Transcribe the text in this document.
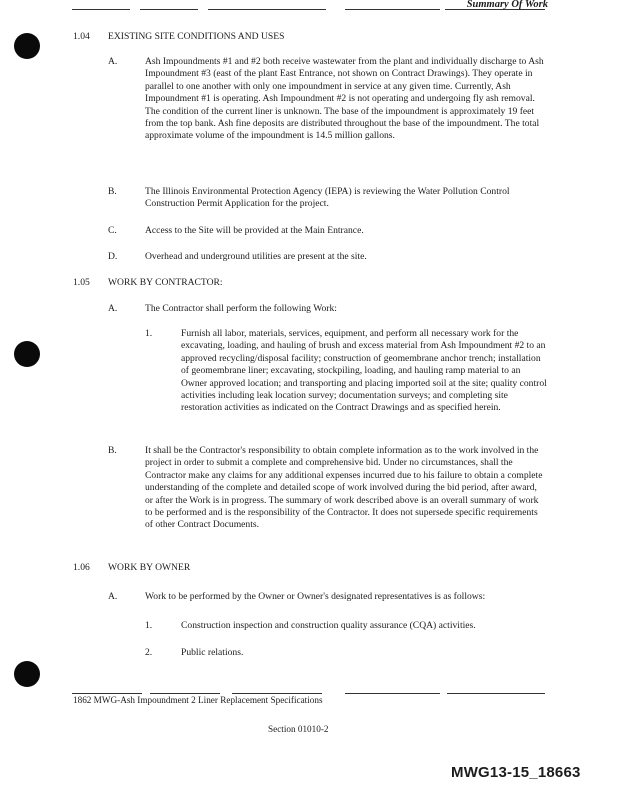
Summary Of Work
1.04 EXISTING SITE CONDITIONS AND USES
A.	Ash Impoundments #1 and #2 both receive wastewater from the plant and individually discharge to Ash Impoundment #3 (east of the plant East Entrance, not shown on Contract Drawings). They operate in parallel to one another with only one impoundment in service at any given time. Currently, Ash Impoundment #1 is operating. Ash Impoundment #2 is not operating and undergoing fly ash removal. The condition of the current liner is unknown. The base of the impoundment is approximately 19 feet from the top bank. Ash fine deposits are distributed throughout the base of the impoundment. The total approximate volume of the impoundment is 14.5 million gallons.
B.	The Illinois Environmental Protection Agency (IEPA) is reviewing the Water Pollution Control Construction Permit Application for the project.
C.	Access to the Site will be provided at the Main Entrance.
D.	Overhead and underground utilities are present at the site.
1.05 WORK BY CONTRACTOR:
A.	The Contractor shall perform the following Work:
1.	Furnish all labor, materials, services, equipment, and perform all necessary work for the excavating, loading, and hauling of brush and excess material from Ash Impoundment #2 to an approved recycling/disposal facility; construction of geomembrane anchor trench; installation of geomembrane liner; excavating, stockpiling, loading, and hauling ramp material to an Owner approved location; and transporting and placing imported soil at the site; quality control activities including leak location survey; documentation surveys; and completing site restoration activities as indicated on the Contract Drawings and as specified herein.
B.	It shall be the Contractor's responsibility to obtain complete information as to the work involved in the project in order to submit a complete and comprehensive bid. Under no circumstances, shall the Contractor make any claims for any additional expenses incurred due to his failure to obtain a complete understanding of the complete and detailed scope of work involved during the bid period, after award, or after the Work is in progress. The summary of work described above is an overall summary of work to be performed and is the responsibility of the Contractor. It does not supersede specific requirements of other Contract Documents.
1.06 WORK BY OWNER
A.	Work to be performed by the Owner or Owner's designated representatives is as follows:
1.	Construction inspection and construction quality assurance (CQA) activities.
2.	Public relations.
1862 MWG-Ash Impoundment 2 Liner Replacement Specifications
Section 01010-2
MWG13-15_18663
